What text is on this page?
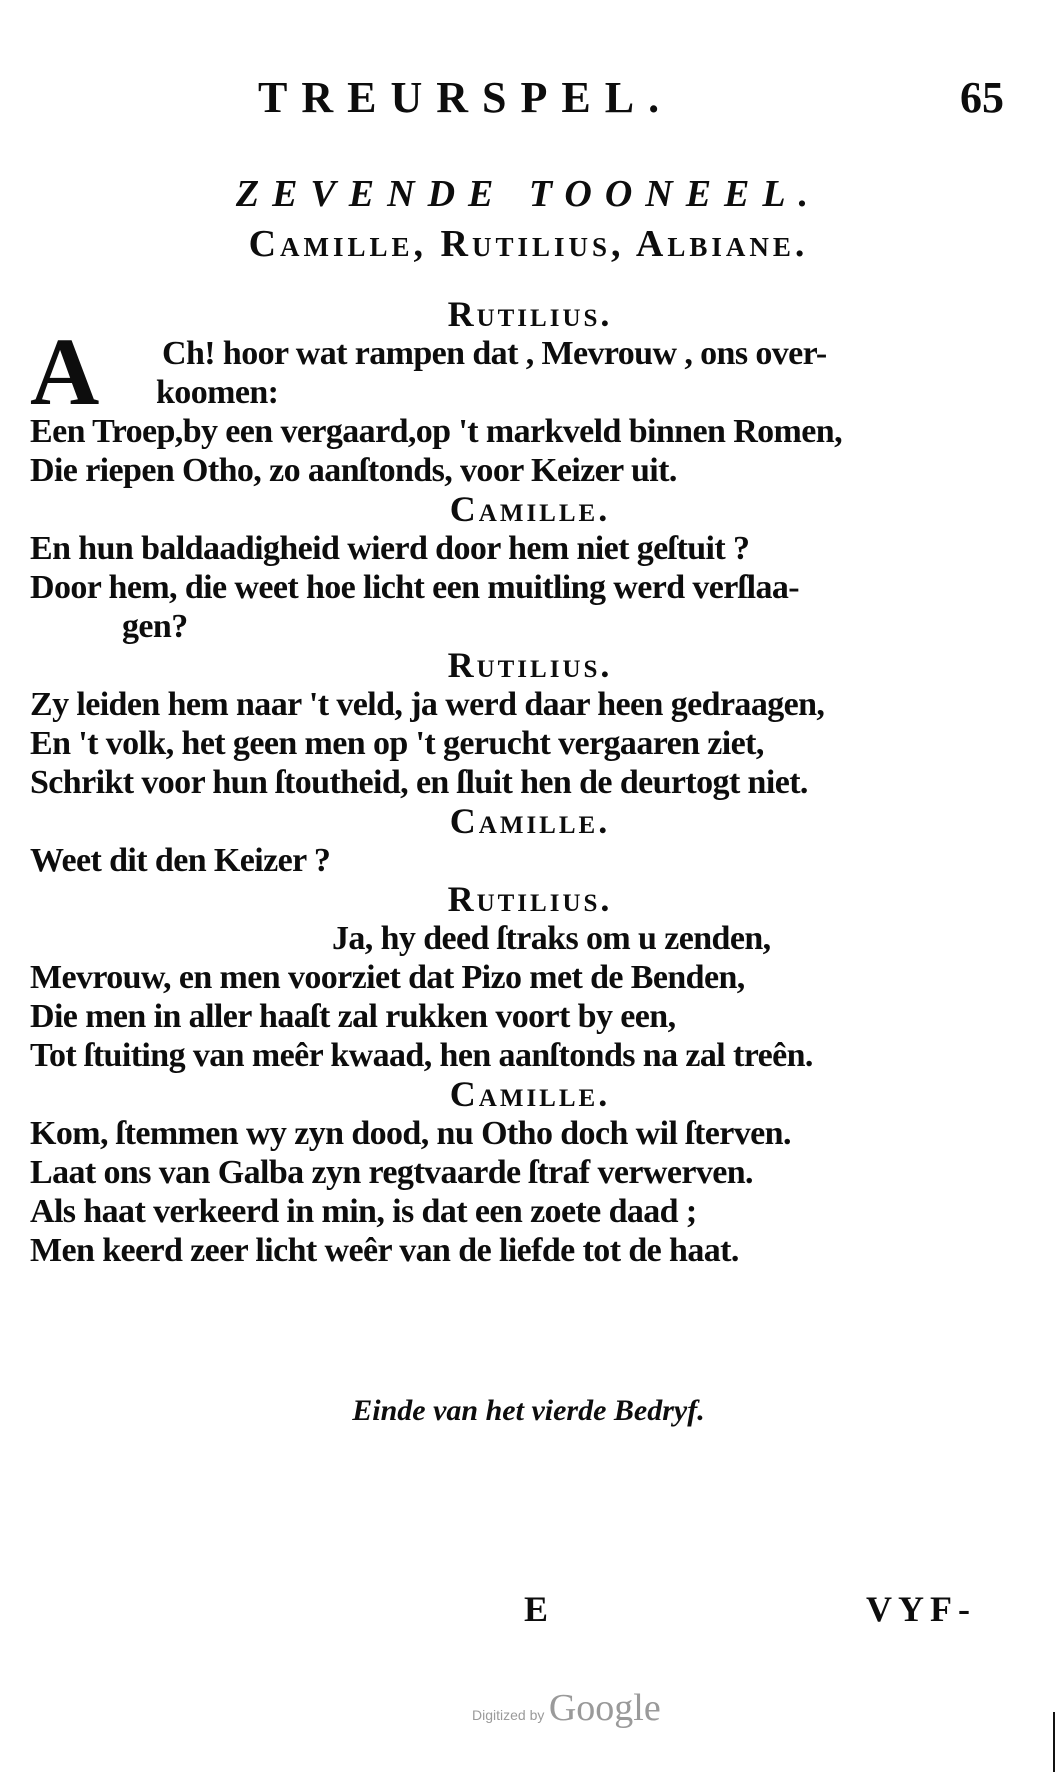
TREURSPEL.	65
ZEVENDE TOONEEL.
Camille, Rutilius, Albiane.
Rutilius.
A Ch! hoor wat rampen dat , Mevrouw , ons over-
koomen:
Een Troep,by een vergaard,op 't markveld binnen Romen,
Die riepen Otho, zo aanſtonds, voor Keizer uit.
Camille.
En hun baldaadigheid wierd door hem niet geſtuit ?
Door hem, die weet hoe licht een muitling werd verſlaa-
gen?
Rutilius.
Zy leiden hem naar 't veld, ja werd daar heen gedraagen,
En 't volk, het geen men op 't gerucht vergaaren ziet,
Schrikt voor hun ſtoutheid, en ſluit hen de deurtogt niet.
Camille.
Weet dit den Keizer ?
Rutilius.
Ja, hy deed ſtraks om u zenden,
Mevrouw, en men voorziet dat Pizo met de Benden,
Die men in aller haaſt zal rukken voort by een,
Tot ſtuiting van meêr kwaad, hen aanſtonds na zal treên.
Camille.
Kom, ſtemmen wy zyn dood, nu Otho doch wil ſterven.
Laat ons van Galba zyn regtvaarde ſtraf verwerven.
Als haat verkeerd in min, is dat een zoete daad ;
Men keerd zeer licht weêr van de liefde tot de haat.
Einde van het vierde Bedryf.
E	VYF-
Digitized by Google
